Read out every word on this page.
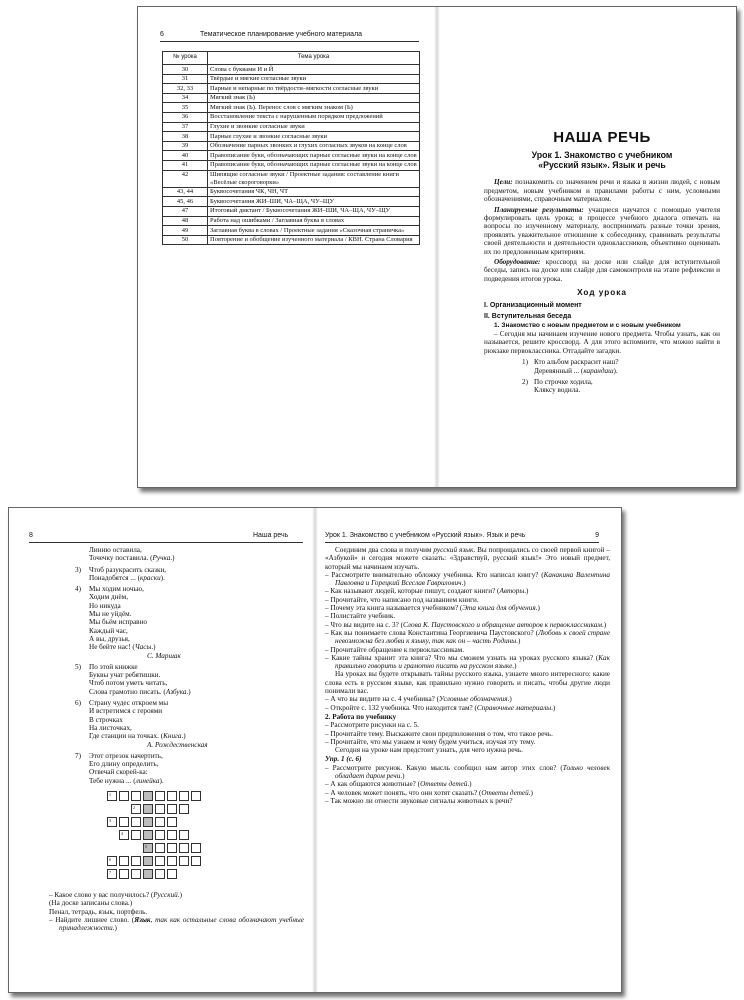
6	Тематическое планирование учебного материала
№ урока	Тема урока
30	Слова с буквами И и Й
31	Твёрдые и мягкие согласные звуки
32, 33	Парные и непарные по твёрдости–мягкости согласные звуки
34	Мягкий знак (Ь)
35	Мягкий знак (Ь). Перенос слов с мягким знаком (Ь)
36	Восстановление текста с нарушенным порядком предложений
37	Глухие и звонкие согласные звуки
38	Парные глухие и звонкие согласные звуки
39	Обозначение парных звонких и глухих согласных звуков на конце слов
40	Правописание букв, обозначающих парные согласные звуки на конце слов
41	Правописание букв, обозначающих парные согласные звуки на конце слов
42	Шипящие согласные звуки / Проектные задания: составление книги «Весёлые скороговорки»
43, 44	Буквосочетания ЧК, ЧН, ЧТ
45, 46	Буквосочетания ЖИ–ШИ, ЧА–ЩА, ЧУ–ЩУ
47	Итоговый диктант / Буквосочетания ЖИ–ШИ, ЧА–ЩА, ЧУ–ЩУ
48	Работа над ошибками / Заглавная буква в словах
49	Заглавная буква в словах / Проектные задания «Сказочная страничка»
50	Повторение и обобщение изученного материала / КВН. Страна Словария
НАША РЕЧЬ
Урок 1. Знакомство с учебником
«Русский язык». Язык и речь
Цели: познакомить со значением речи и языка в жизни людей, с новым предметом, новым учебником и правилами работы с ним, условными обозначениями, справочным материалом.
Планируемые результаты: учащиеся научатся с помощью учителя формулировать цель урока; в процессе учебного диалога отвечать на вопросы по изученному материалу, воспринимать разные точки зрения, проявлять уважительное отношение к собеседнику, сравнивать результаты своей деятельности и деятельности одноклассников, объективно оценивать их по предложенным критериям.
Оборудование: кроссворд на доске или слайде для вступительной беседы, запись на доске или слайде для самоконтроля на этапе рефлексии и подведения итогов урока.
Ход урока
I. Организационный момент
II. Вступительная беседа
1. Знакомство с новым предметом и с новым учебником
– Сегодня мы начинаем изучение нового предмета. Чтобы узнать, как он называется, решите кроссворд. А для этого вспомните, что можно найти в рюкзаке первоклассника. Отгадайте загадки.
1) Кто альбом раскрасит наш?
Деревянный ... (карандаш).
2) По строчке ходила,
Кляксу водила.
8	Наша речь
Линию оставила,
Точечку поставила. (Ручка.)
3)	Чтоб разукрасить сказки,
Понадобятся ... (краски).
4)	Мы ходим ночью,
Ходим днём,
Но никуда
Мы не уйдём.
Мы бьём исправно
Каждый час,
А вы, друзья,
Не бейте нас! (Часы.)
С. Маршак
5)	По этой книжке
Буквы учат ребятишки.
Чтоб потом уметь читать,
Слова грамотно писать. (Азбука.)
6)	Страну чудес откроем мы
И встретимся с героями
В строчках
На листочках,
Где станции на точках. (Книга.)
А. Рождественская
7)	Этот отрезок начертить,
Его длину определить,
Отвечай скорей-ка:
Тебе нужна ... (линейка).
1
2
3
4
5
6
7
– Какое слово у вас получилось? (Русский.)
(На доске записаны слова.)
Пенал, тетрадь, язык, портфель.
– Найдите лишнее слово. (Язык, так как остальные слова обозначают учебные принадлежности.)
Урок 1. Знакомство с учебником «Русский язык». Язык и речь	9
Соединим два слова и получим русский язык. Вы попрощались со своей первой книгой – «Азбукой» и сегодня можете сказать: «Здравствуй, русский язык!» Это новый предмет, который мы начинаем изучать.
– Рассмотрите внимательно обложку учебника. Кто написал книгу? (Канакина Валентина Павловна и Горецкий Всеслав Гаврилович.)
– Как называют людей, которые пишут, создают книги? (Авторы.)
– Прочитайте, что написано под названием книги.
– Почему эта книга называется учебником? (Эта книга для обучения.)
– Полистайте учебник.
– Что вы видите на с. 3? (Слова К. Паустовского и обращение авторов к первоклассникам.)
– Как вы понимаете слова Константина Георгиевича Паустовского? (Любовь к своей стране невозможна без любви к языку, так как он – часть Родины.)
– Прочитайте обращение к первоклассникам.
– Какие тайны хранит эта книга? Что мы сможем узнать на уроках русского языка? (Как правильно говорить и грамотно писать на русском языке.)
На уроках вы будете открывать тайны русского языка, узнаете много интересного: какие слова есть в русском языке, как правильно нужно говорить и писать, чтобы другие люди понимали вас.
– А что вы видите на с. 4 учебника? (Условные обозначения.)
– Откройте с. 132 учебника. Что находится там? (Справочные материалы.)
2. Работа по учебнику
– Рассмотрите рисунки на с. 5.
– Прочитайте тему. Выскажите свои предположения о том, что такое речь.
– Прочитайте, что мы узнаем и чему будем учиться, изучая эту тему.
Сегодня на уроке нам предстоит узнать, для чего нужна речь.
Упр. 1 (с. 6)
– Рассмотрите рисунок. Какую мысль сообщил нам автор этих слов? (Только человек обладает даром речи.)
– А как общаются животные? (Ответы детей.)
– А человек может понять, что они хотят сказать? (Ответы детей.)
– Так можно ли отнести звуковые сигналы животных к речи?
